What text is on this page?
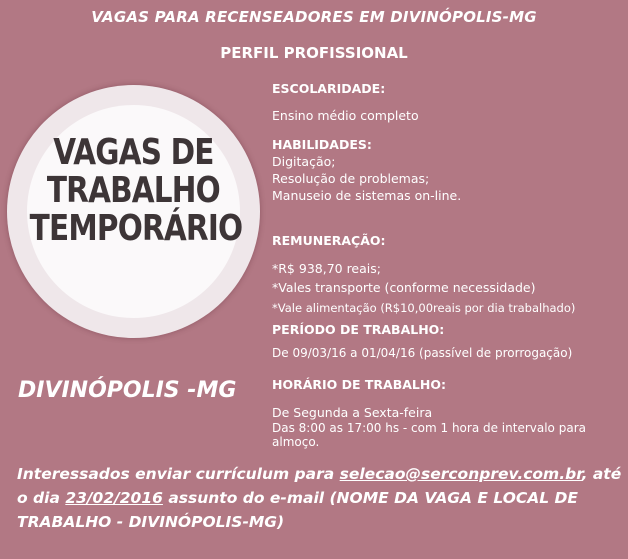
VAGAS PARA RECENSEADORES EM DIVINÓPOLIS-MG
PERFIL PROFISSIONAL
VAGAS DE
TRABALHO
TEMPORÁRIO
DIVINÓPOLIS -MG
ESCOLARIDADE:
Ensino médio completo
HABILIDADES:
Digitação;
Resolução de problemas;
Manuseio de sistemas on-line.
REMUNERAÇÃO:
*R$ 938,70 reais;
*Vales transporte (conforme necessidade)
*Vale alimentação (R$10,00reais por dia trabalhado)
PERÍODO DE TRABALHO:
De 09/03/16 a 01/04/16 (passível de prorrogação)
HORÁRIO DE TRABALHO:
De Segunda a Sexta-feira
Das 8:00 as 17:00 hs - com 1 hora de intervalo para almoço.
Interessados enviar currículum para selecao@serconprev.com.br, até o dia 23/02/2016 assunto do e-mail (NOME DA VAGA E LOCAL DE TRABALHO - DIVINÓPOLIS-MG)
